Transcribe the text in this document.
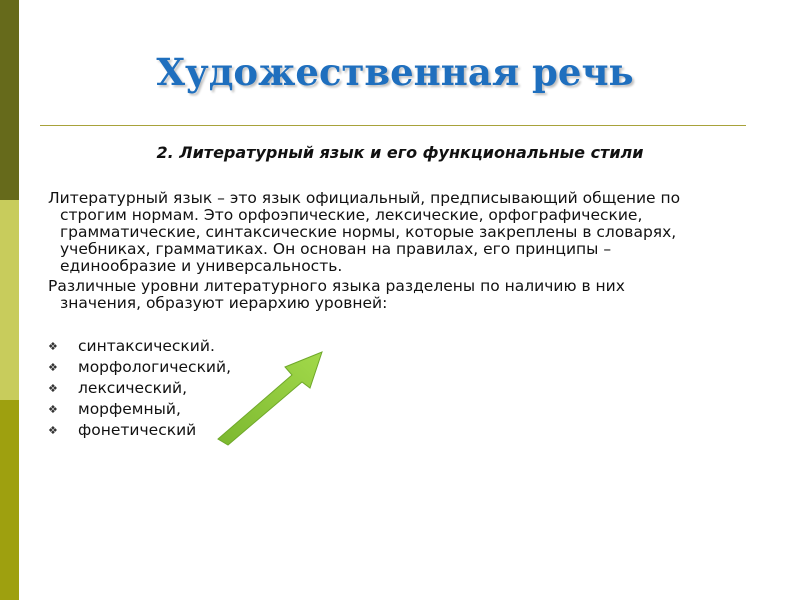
Художественная речь
2. Литературный язык и его функциональные стили

Литературный язык – это язык официальный, предписывающий общение по
строгим нормам. Это орфоэпические, лексические, орфографические,
грамматические, синтаксические нормы, которые закреплены в словарях,
учебниках, грамматиках. Он основан на правилах, его принципы –
единообразие и универсальность.

Различные уровни литературного языка разделены по наличию в них
значения, образуют иерархию уровней:

❖	синтаксический.
❖	морфологический,
❖	лексический,
❖	морфемный,
❖	фонетический
